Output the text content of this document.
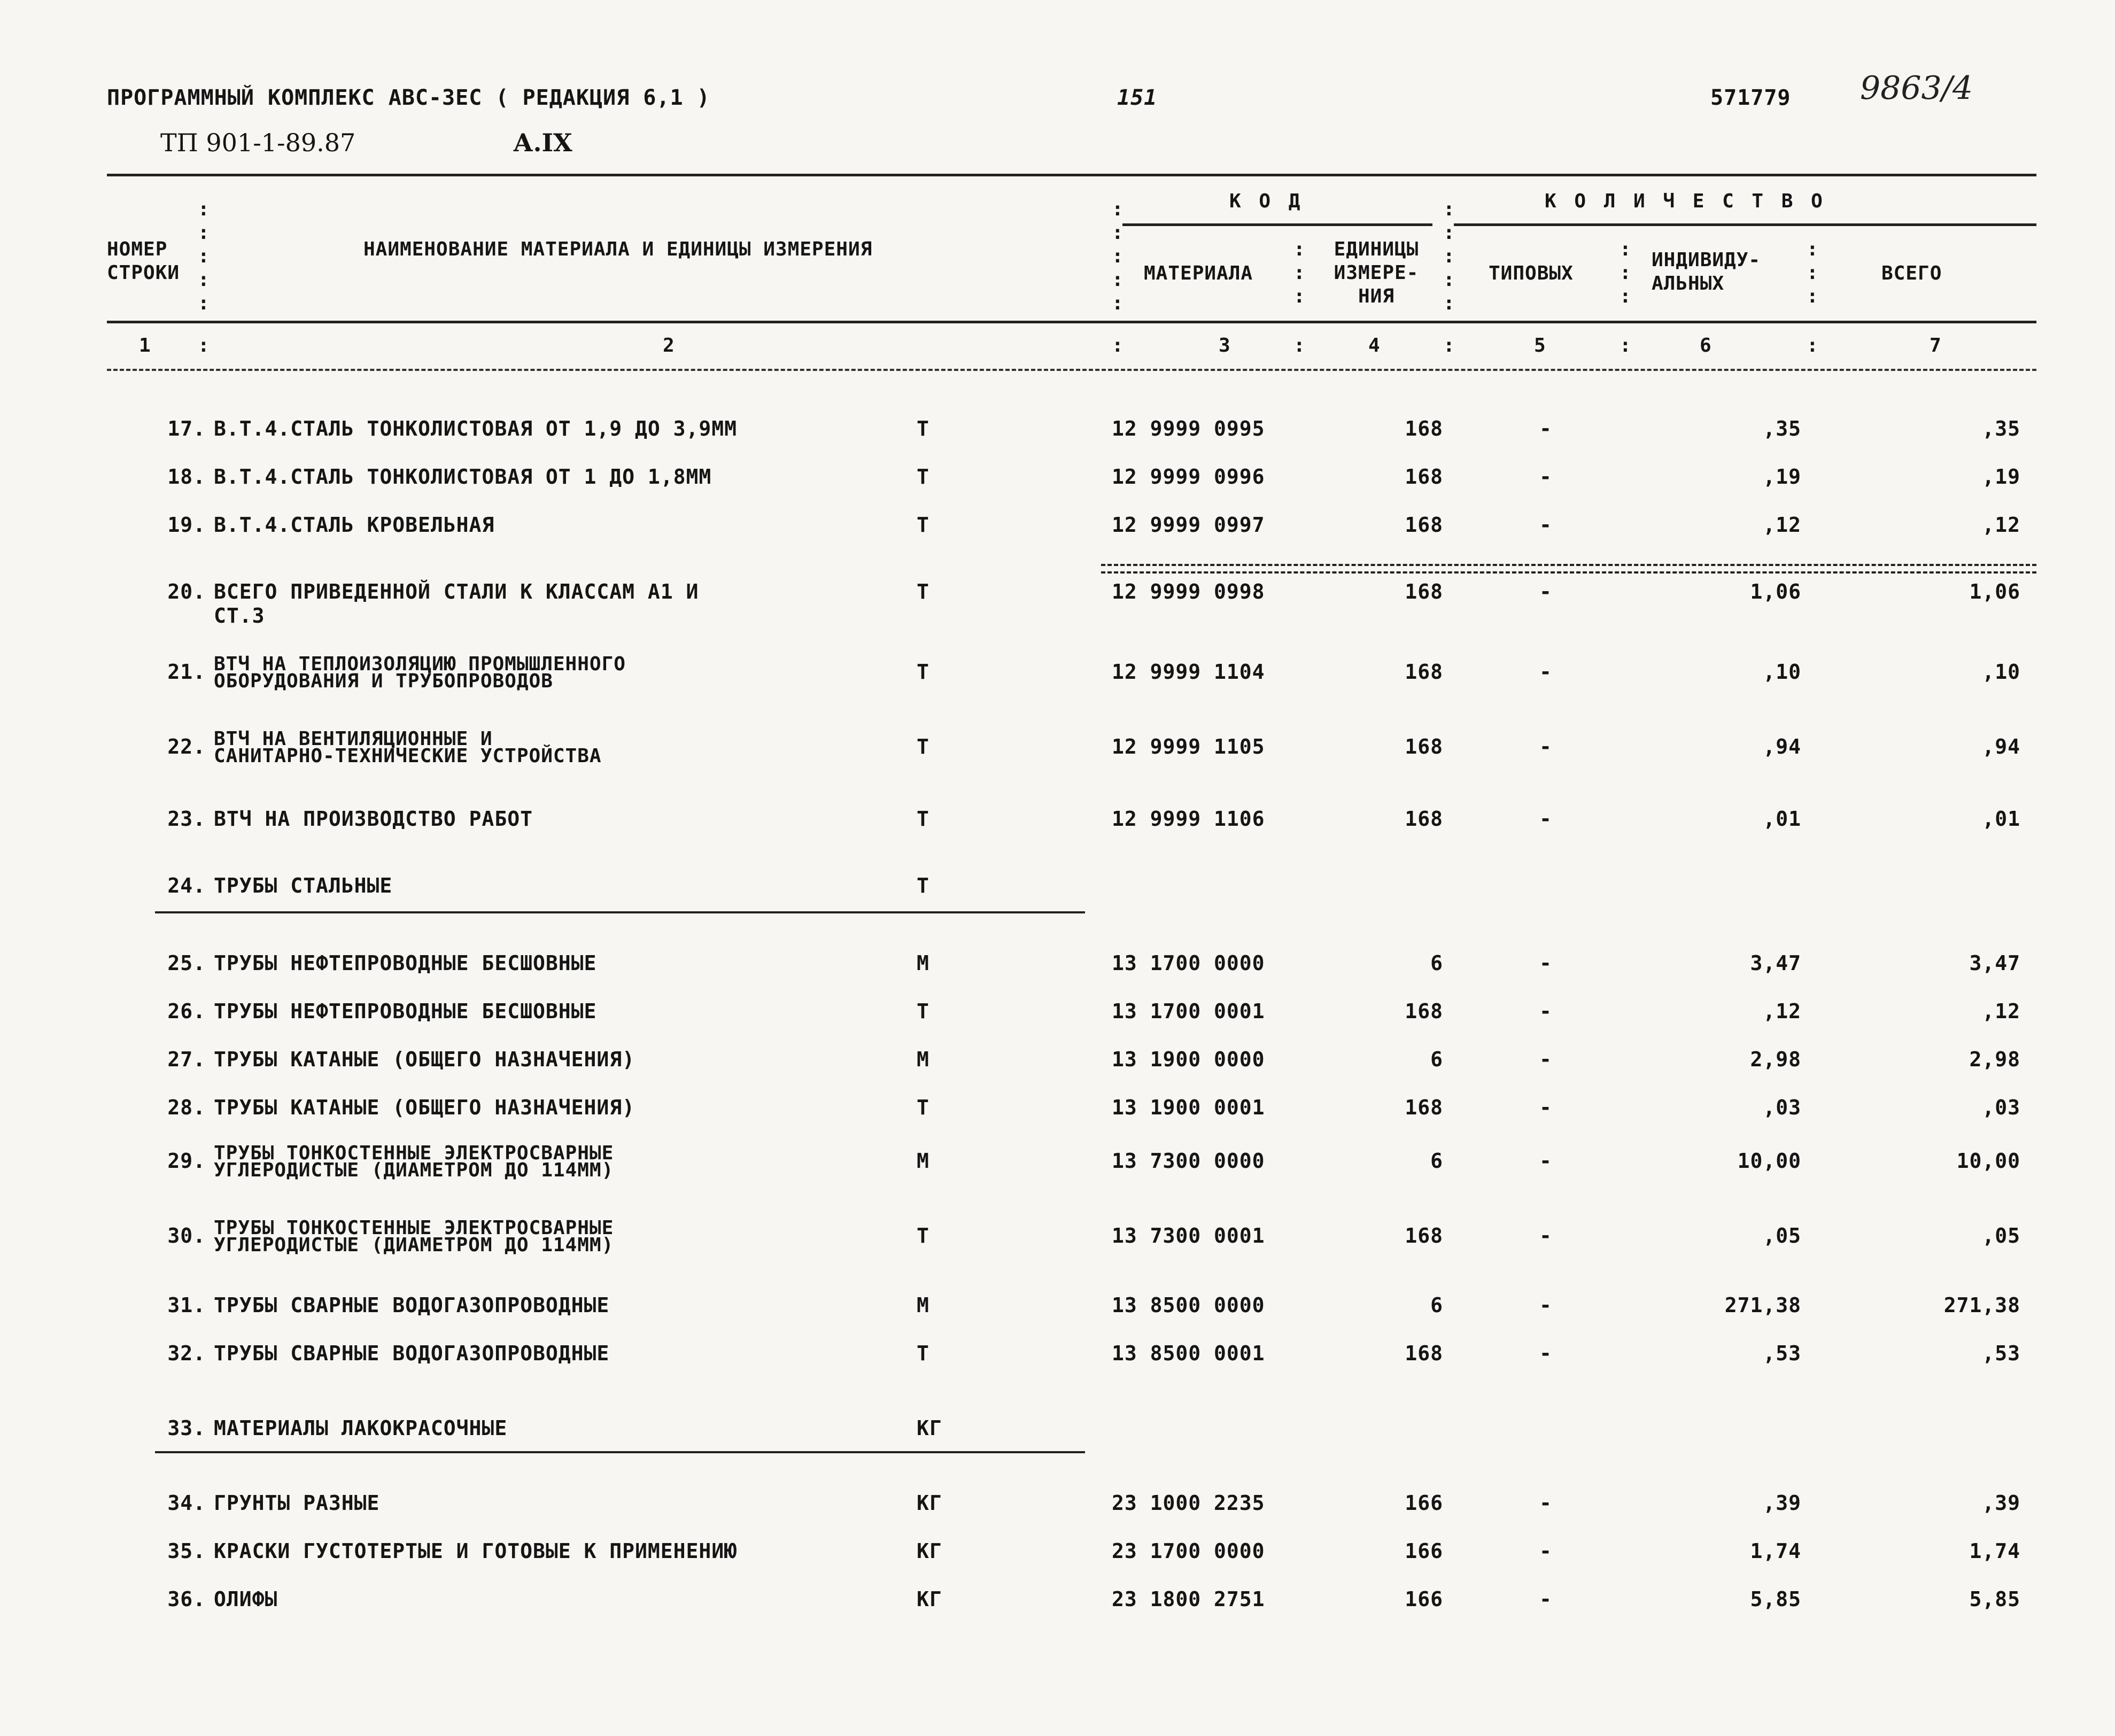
ПРОГРАММНЫЙ КОМПЛЕКС АВС-3ЕС ( РЕДАКЦИЯ 6,1 )	151	571779 9863/4
ТП 901-1-89.87	А.IX
НОМЕР
СТРОКИ
НАИМЕНОВАНИЕ МАТЕРИАЛА И ЕДИНИЦЫ ИЗМЕРЕНИЯ
К О Д	К О Л И Ч Е С Т В О
МАТЕРИАЛА
ЕДИНИЦЫ
ИЗМЕРЕ-
НИЯ
ТИПОВЫХ
ИНДИВИДУ-
АЛЬНЫХ	ВСЕГО
:
:
:
:
:
:
:
:
:
:
:
:
:
:
:
:
:
:
:
:
:
:
:
:
1 :	2	:	3	:	4	:	5	:	6	:	7
17. В.Т.4.СТАЛЬ ТОНКОЛИСТОВАЯ ОТ 1,9 ДО 3,9ММ	Т	12 9999 0995	168	-	,35	,35
18. В.Т.4.СТАЛЬ ТОНКОЛИСТОВАЯ ОТ 1 ДО 1,8ММ	Т	12 9999 0996	168	-	,19	,19
19. В.Т.4.СТАЛЬ КРОВЕЛЬНАЯ	Т	12 9999 0997	168	-	,12	,12
20. ВСЕГО ПРИВЕДЕННОЙ СТАЛИ К КЛАССАМ А1 И
СТ.3
Т	12 9999 0998	168	-	1,06	1,06
21. ВТЧ НА ТЕПЛОИЗОЛЯЦИЮ ПРОМЫШЛЕННОГО
ОБОРУДОВАНИЯ И ТРУБОПРОВОДОВ	Т	12 9999 1104	168	-	,10	,10
22. ВТЧ НА ВЕНТИЛЯЦИОННЫЕ И
САНИТАРНО-ТЕХНИЧЕСКИЕ УСТРОЙСТВА	Т	12 9999 1105	168	-	,94	,94
23. ВТЧ НА ПРОИЗВОДСТВО РАБОТ	Т	12 9999 1106	168	-	,01	,01
24. ТРУБЫ СТАЛЬНЫЕ	Т
25. ТРУБЫ НЕФТЕПРОВОДНЫЕ БЕСШОВНЫЕ	М	13 1700 0000	6	-	3,47	3,47
26. ТРУБЫ НЕФТЕПРОВОДНЫЕ БЕСШОВНЫЕ	Т	13 1700 0001	168	-	,12	,12
27. ТРУБЫ КАТАНЫЕ (ОБЩЕГО НАЗНАЧЕНИЯ)	М	13 1900 0000	6	-	2,98	2,98
28. ТРУБЫ КАТАНЫЕ (ОБЩЕГО НАЗНАЧЕНИЯ)	Т	13 1900 0001	168	-	,03	,03
29. ТРУБЫ ТОНКОСТЕННЫЕ ЭЛЕКТРОСВАРНЫЕ
УГЛЕРОДИСТЫЕ (ДИАМЕТРОМ ДО 114ММ)	М	13 7300 0000	6	-	10,00	10,00
30. ТРУБЫ ТОНКОСТЕННЫЕ ЭЛЕКТРОСВАРНЫЕ
УГЛЕРОДИСТЫЕ (ДИАМЕТРОМ ДО 114ММ)	Т	13 7300 0001	168	-	,05	,05
31. ТРУБЫ СВАРНЫЕ ВОДОГАЗОПРОВОДНЫЕ	М	13 8500 0000	6	-	271,38	271,38
32. ТРУБЫ СВАРНЫЕ ВОДОГАЗОПРОВОДНЫЕ	Т	13 8500 0001	168	-	,53	,53
33. МАТЕРИАЛЫ ЛАКОКРАСОЧНЫЕ	КГ
34. ГРУНТЫ РАЗНЫЕ	КГ	23 1000 2235	166	-	,39	,39
35. КРАСКИ ГУСТОТЕРТЫЕ И ГОТОВЫЕ К ПРИМЕНЕНИЮ	КГ	23 1700 0000	166	-	1,74	1,74
36. ОЛИФЫ	КГ	23 1800 2751	166	-	5,85	5,85
